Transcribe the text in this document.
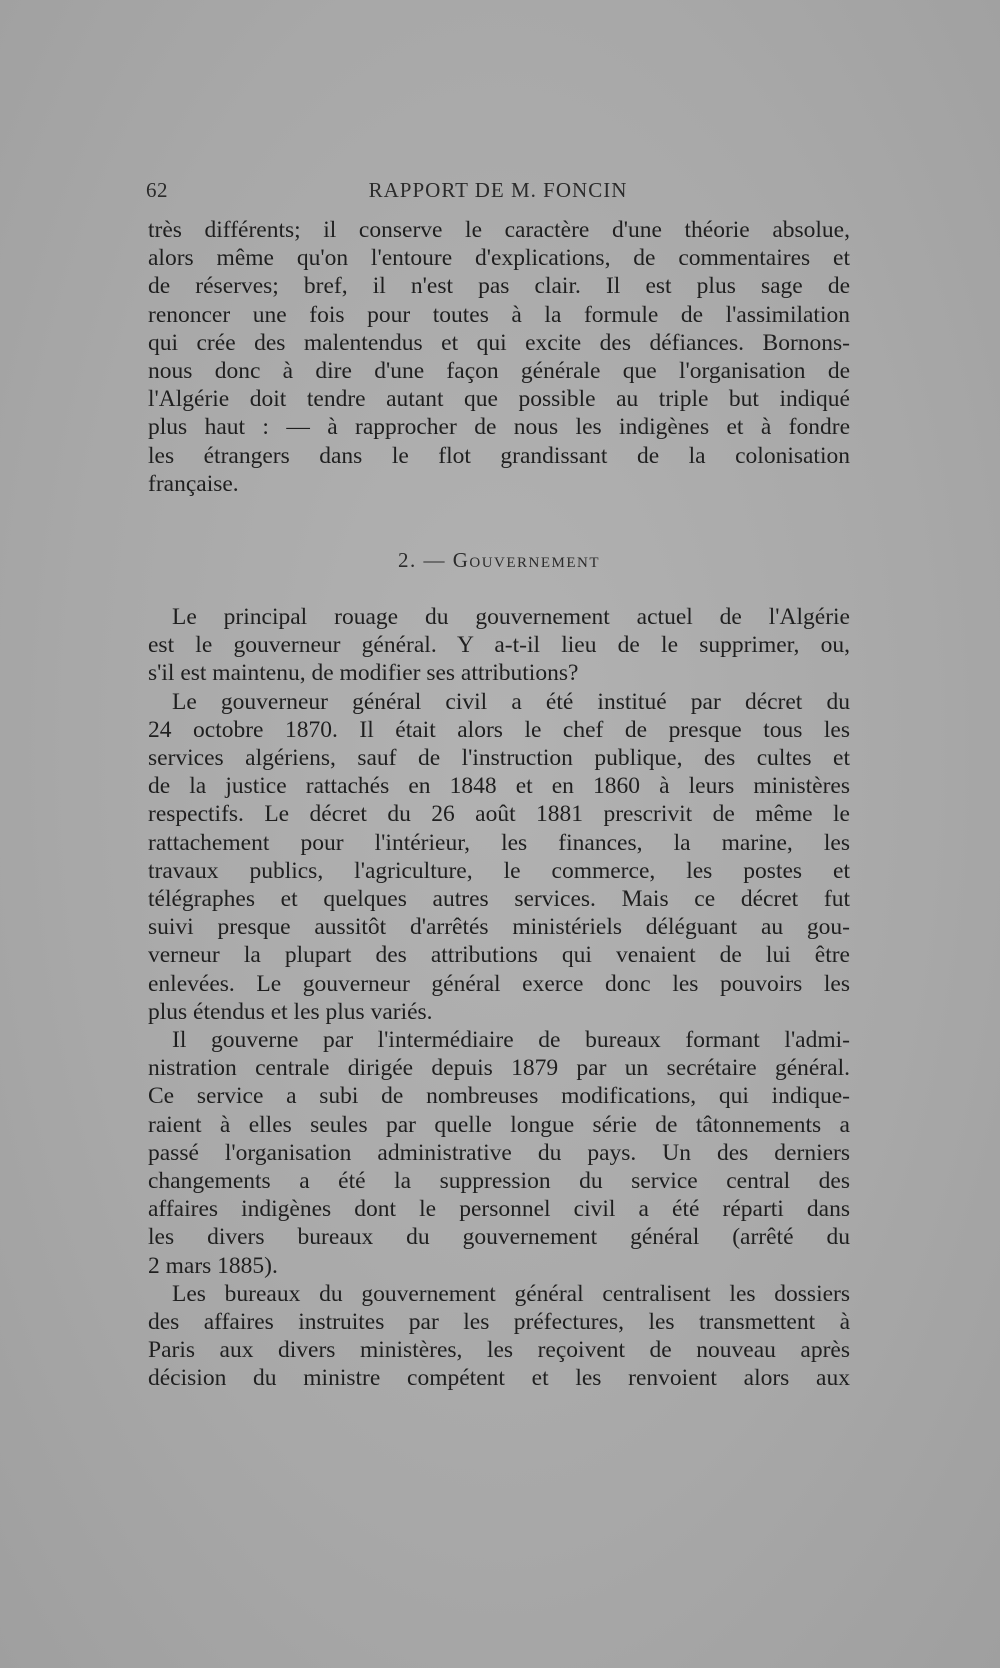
62	RAPPORT DE M. FONCIN

très différents; il conserve le caractère d'une théorie absolue,

alors même qu'on l'entoure d'explications, de commentaires et

de réserves; bref, il n'est pas clair. Il est plus sage de

renoncer une fois pour toutes à la formule de l'assimilation

qui crée des malentendus et qui excite des défiances. Bornons-

nous donc à dire d'une façon générale que l'organisation de

l'Algérie doit tendre autant que possible au triple but indiqué

plus haut : — à rapprocher de nous les indigènes et à fondre

les étrangers dans le flot grandissant de la colonisation

française.

2. — Gouvernement

Le principal rouage du gouvernement actuel de l'Algérie

est le gouverneur général. Y a-t-il lieu de le supprimer, ou,

s'il est maintenu, de modifier ses attributions?

Le gouverneur général civil a été institué par décret du

24 octobre 1870. Il était alors le chef de presque tous les

services algériens, sauf de l'instruction publique, des cultes et

de la justice rattachés en 1848 et en 1860 à leurs ministères

respectifs. Le décret du 26 août 1881 prescrivit de même le

rattachement pour l'intérieur, les finances, la marine, les

travaux publics, l'agriculture, le commerce, les postes et

télégraphes et quelques autres services. Mais ce décret fut

suivi presque aussitôt d'arrêtés ministériels déléguant au gou-

verneur la plupart des attributions qui venaient de lui être

enlevées. Le gouverneur général exerce donc les pouvoirs les

plus étendus et les plus variés.

Il gouverne par l'intermédiaire de bureaux formant l'admi-

nistration centrale dirigée depuis 1879 par un secrétaire général.

Ce service a subi de nombreuses modifications, qui indique-

raient à elles seules par quelle longue série de tâtonnements a

passé l'organisation administrative du pays. Un des derniers

changements a été la suppression du service central des

affaires indigènes dont le personnel civil a été réparti dans

les divers bureaux du gouvernement général (arrêté du

2 mars 1885).

Les bureaux du gouvernement général centralisent les dossiers

des affaires instruites par les préfectures, les transmettent à

Paris aux divers ministères, les reçoivent de nouveau après

décision du ministre compétent et les renvoient alors aux
